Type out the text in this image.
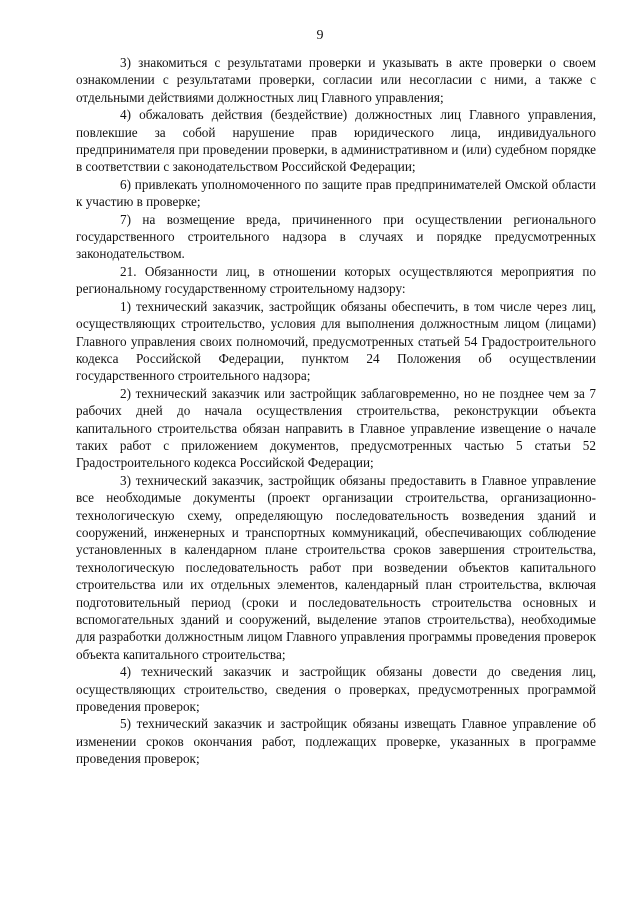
9

3) знакомиться с результатами проверки и указывать в акте проверки о своем ознакомлении с результатами проверки, согласии или несогласии с ними, а также с отдельными действиями должностных лиц Главного управления;

4) обжаловать действия (бездействие) должностных лиц Главного управления, повлекшие за собой нарушение прав юридического лица, индивидуального предпринимателя при проведении проверки, в административном и (или) судебном порядке в соответствии с законодательством Российской Федерации;

6) привлекать уполномоченного по защите прав предпринимателей Омской области к участию в проверке;

7) на возмещение вреда, причиненного при осуществлении регионального государственного строительного надзора в случаях и порядке предусмотренных законодательством.

21. Обязанности лиц, в отношении которых осуществляются мероприятия по региональному государственному строительному надзору:

1) технический заказчик, застройщик обязаны обеспечить, в том числе через лиц, осуществляющих строительство, условия для выполнения должностным лицом (лицами) Главного управления своих полномочий, предусмотренных статьей 54 Градостроительного кодекса Российской Федерации, пунктом 24 Положения об осуществлении государственного строительного надзора;

2) технический заказчик или застройщик заблаговременно, но не позднее чем за 7 рабочих дней до начала осуществления строительства, реконструкции объекта капитального строительства обязан направить в Главное управление извещение о начале таких работ с приложением документов, предусмотренных частью 5 статьи 52 Градостроительного кодекса Российской Федерации;

3) технический заказчик, застройщик обязаны предоставить в Главное управление все необходимые документы (проект организации строительства, организационно-технологическую схему, определяющую последовательность возведения зданий и сооружений, инженерных и транспортных коммуникаций, обеспечивающих соблюдение установленных в календарном плане строительства сроков завершения строительства, технологическую последовательность работ при возведении объектов капитального строительства или их отдельных элементов, календарный план строительства, включая подготовительный период (сроки и последовательность строительства основных и вспомогательных зданий и сооружений, выделение этапов строительства), необходимые для разработки должностным лицом Главного управления программы проведения проверок объекта капитального строительства;

4) технический заказчик и застройщик обязаны довести до сведения лиц, осуществляющих строительство, сведения о проверках, предусмотренных программой проведения проверок;

5) технический заказчик и застройщик обязаны извещать Главное управление об изменении сроков окончания работ, подлежащих проверке, указанных в программе проведения проверок;
